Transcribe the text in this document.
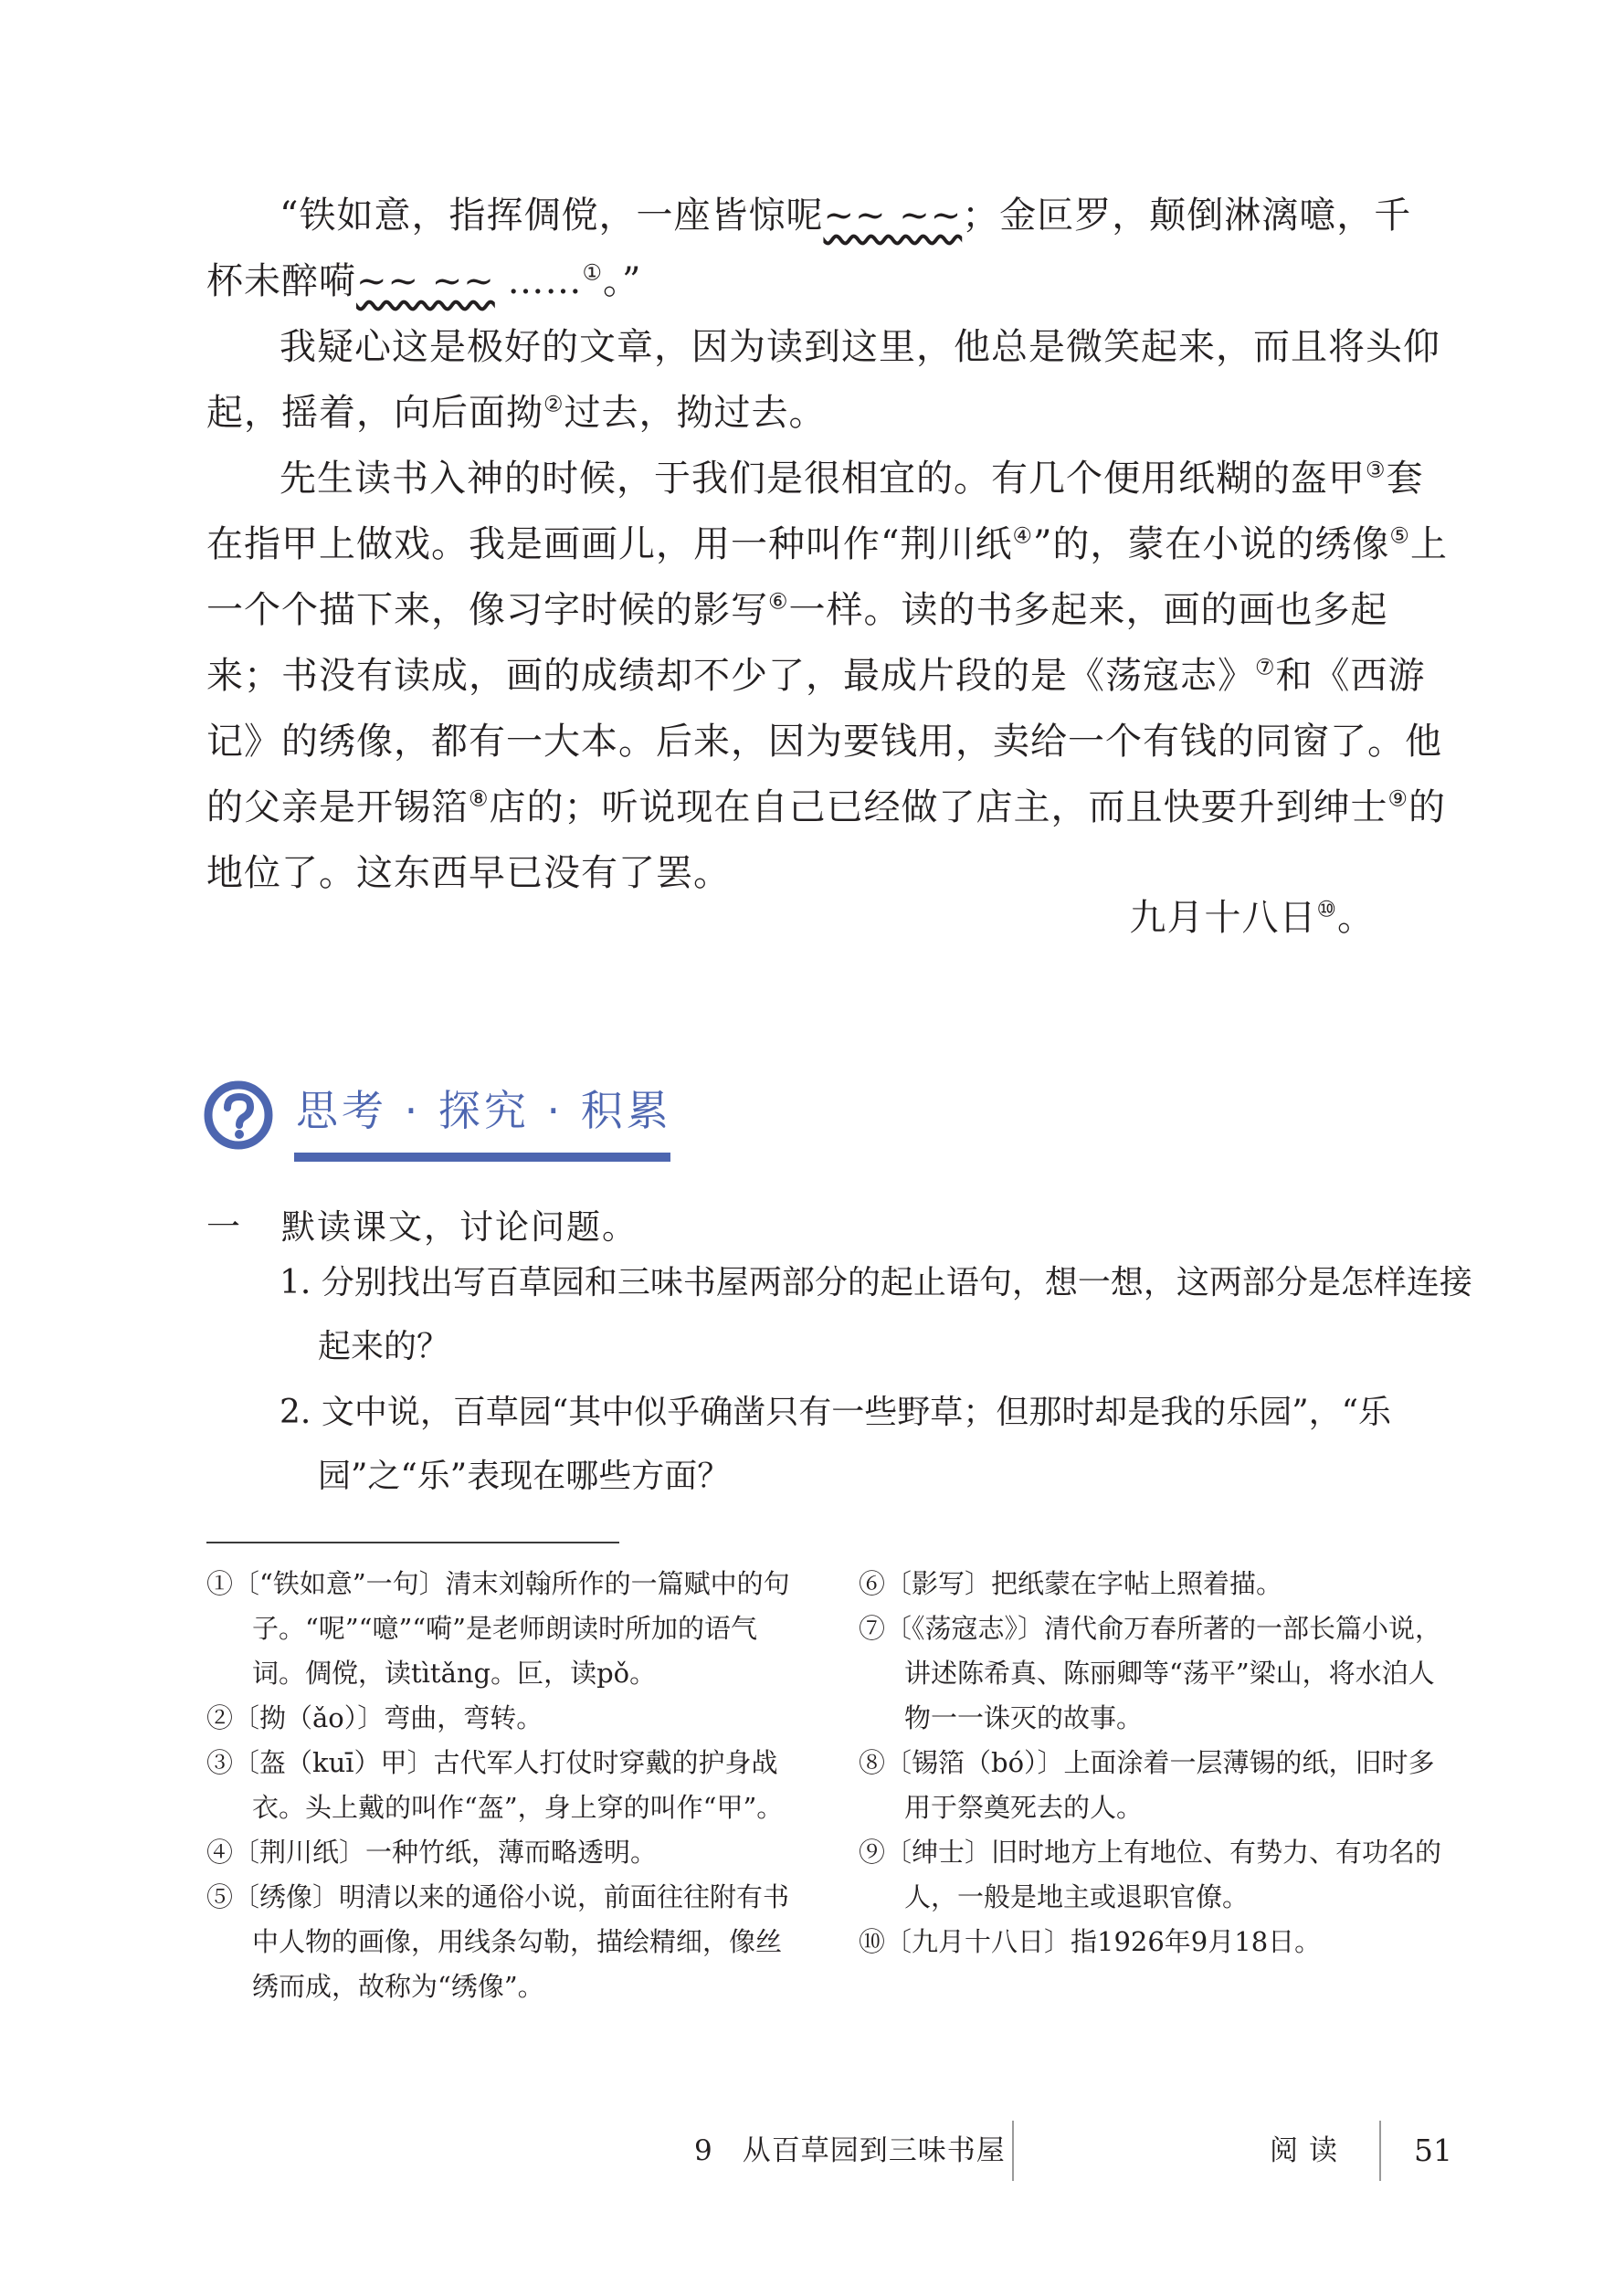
“铁如意，指挥倜傥，一座皆惊呢~~ ~~；金叵罗，颠倒淋漓噫，千杯未醉嗬~~ ~~ ……①。”

我疑心这是极好的文章，因为读到这里，他总是微笑起来，而且将头仰起，摇着，向后面拗②过去，拗过去。

先生读书入神的时候，于我们是很相宜的。有几个便用纸糊的盔甲③套在指甲上做戏。我是画画儿，用一种叫作“荆川纸④”的，蒙在小说的绣像⑤上一个个描下来，像习字时候的影写⑥一样。读的书多起来，画的画也多起来；书没有读成，画的成绩却不少了，最成片段的是《荡寇志》⑦和《西游记》的绣像，都有一大本。后来，因为要钱用，卖给一个有钱的同窗了。他的父亲是开锡箔⑧店的；听说现在自己已经做了店主，而且快要升到绅士⑨的地位了。这东西早已没有了罢。

九月十八日⑩。
思考 · 探究 · 积累
一 默读课文，讨论问题。

1. 分别找出写百草园和三味书屋两部分的起止语句，想一想，这两部分是怎样连接起来的？

2. 文中说，百草园“其中似乎确凿只有一些野草；但那时却是我的乐园”，“乐园”之“乐”表现在哪些方面？

①〔“铁如意”一句〕清末刘翰所作的一篇赋中的句子。“呢”“噫”“嗬”是老师朗读时所加的语气词。倜傥，读tìtǎng。叵，读pǒ。

②〔拗（ǎo）〕弯曲，弯转。

③〔盔（kuī）甲〕古代军人打仗时穿戴的护身战衣。头上戴的叫作“盔”，身上穿的叫作“甲”。

④〔荆川纸〕一种竹纸，薄而略透明。

⑤〔绣像〕明清以来的通俗小说，前面往往附有书中人物的画像，用线条勾勒，描绘精细，像丝绣而成，故称为“绣像”。

⑥〔影写〕把纸蒙在字帖上照着描。

⑦〔《荡寇志》〕清代俞万春所著的一部长篇小说，讲述陈希真、陈丽卿等“荡平”梁山，将水泊人物一一诛灭的故事。

⑧〔锡箔（bó）〕上面涂着一层薄锡的纸，旧时多用于祭奠死去的人。

⑨〔绅士〕旧时地方上有地位、有势力、有功名的人，一般是地主或退职官僚。

⑩〔九月十八日〕指1926年9月18日。

9　从百草园到三味书屋	阅读 51
